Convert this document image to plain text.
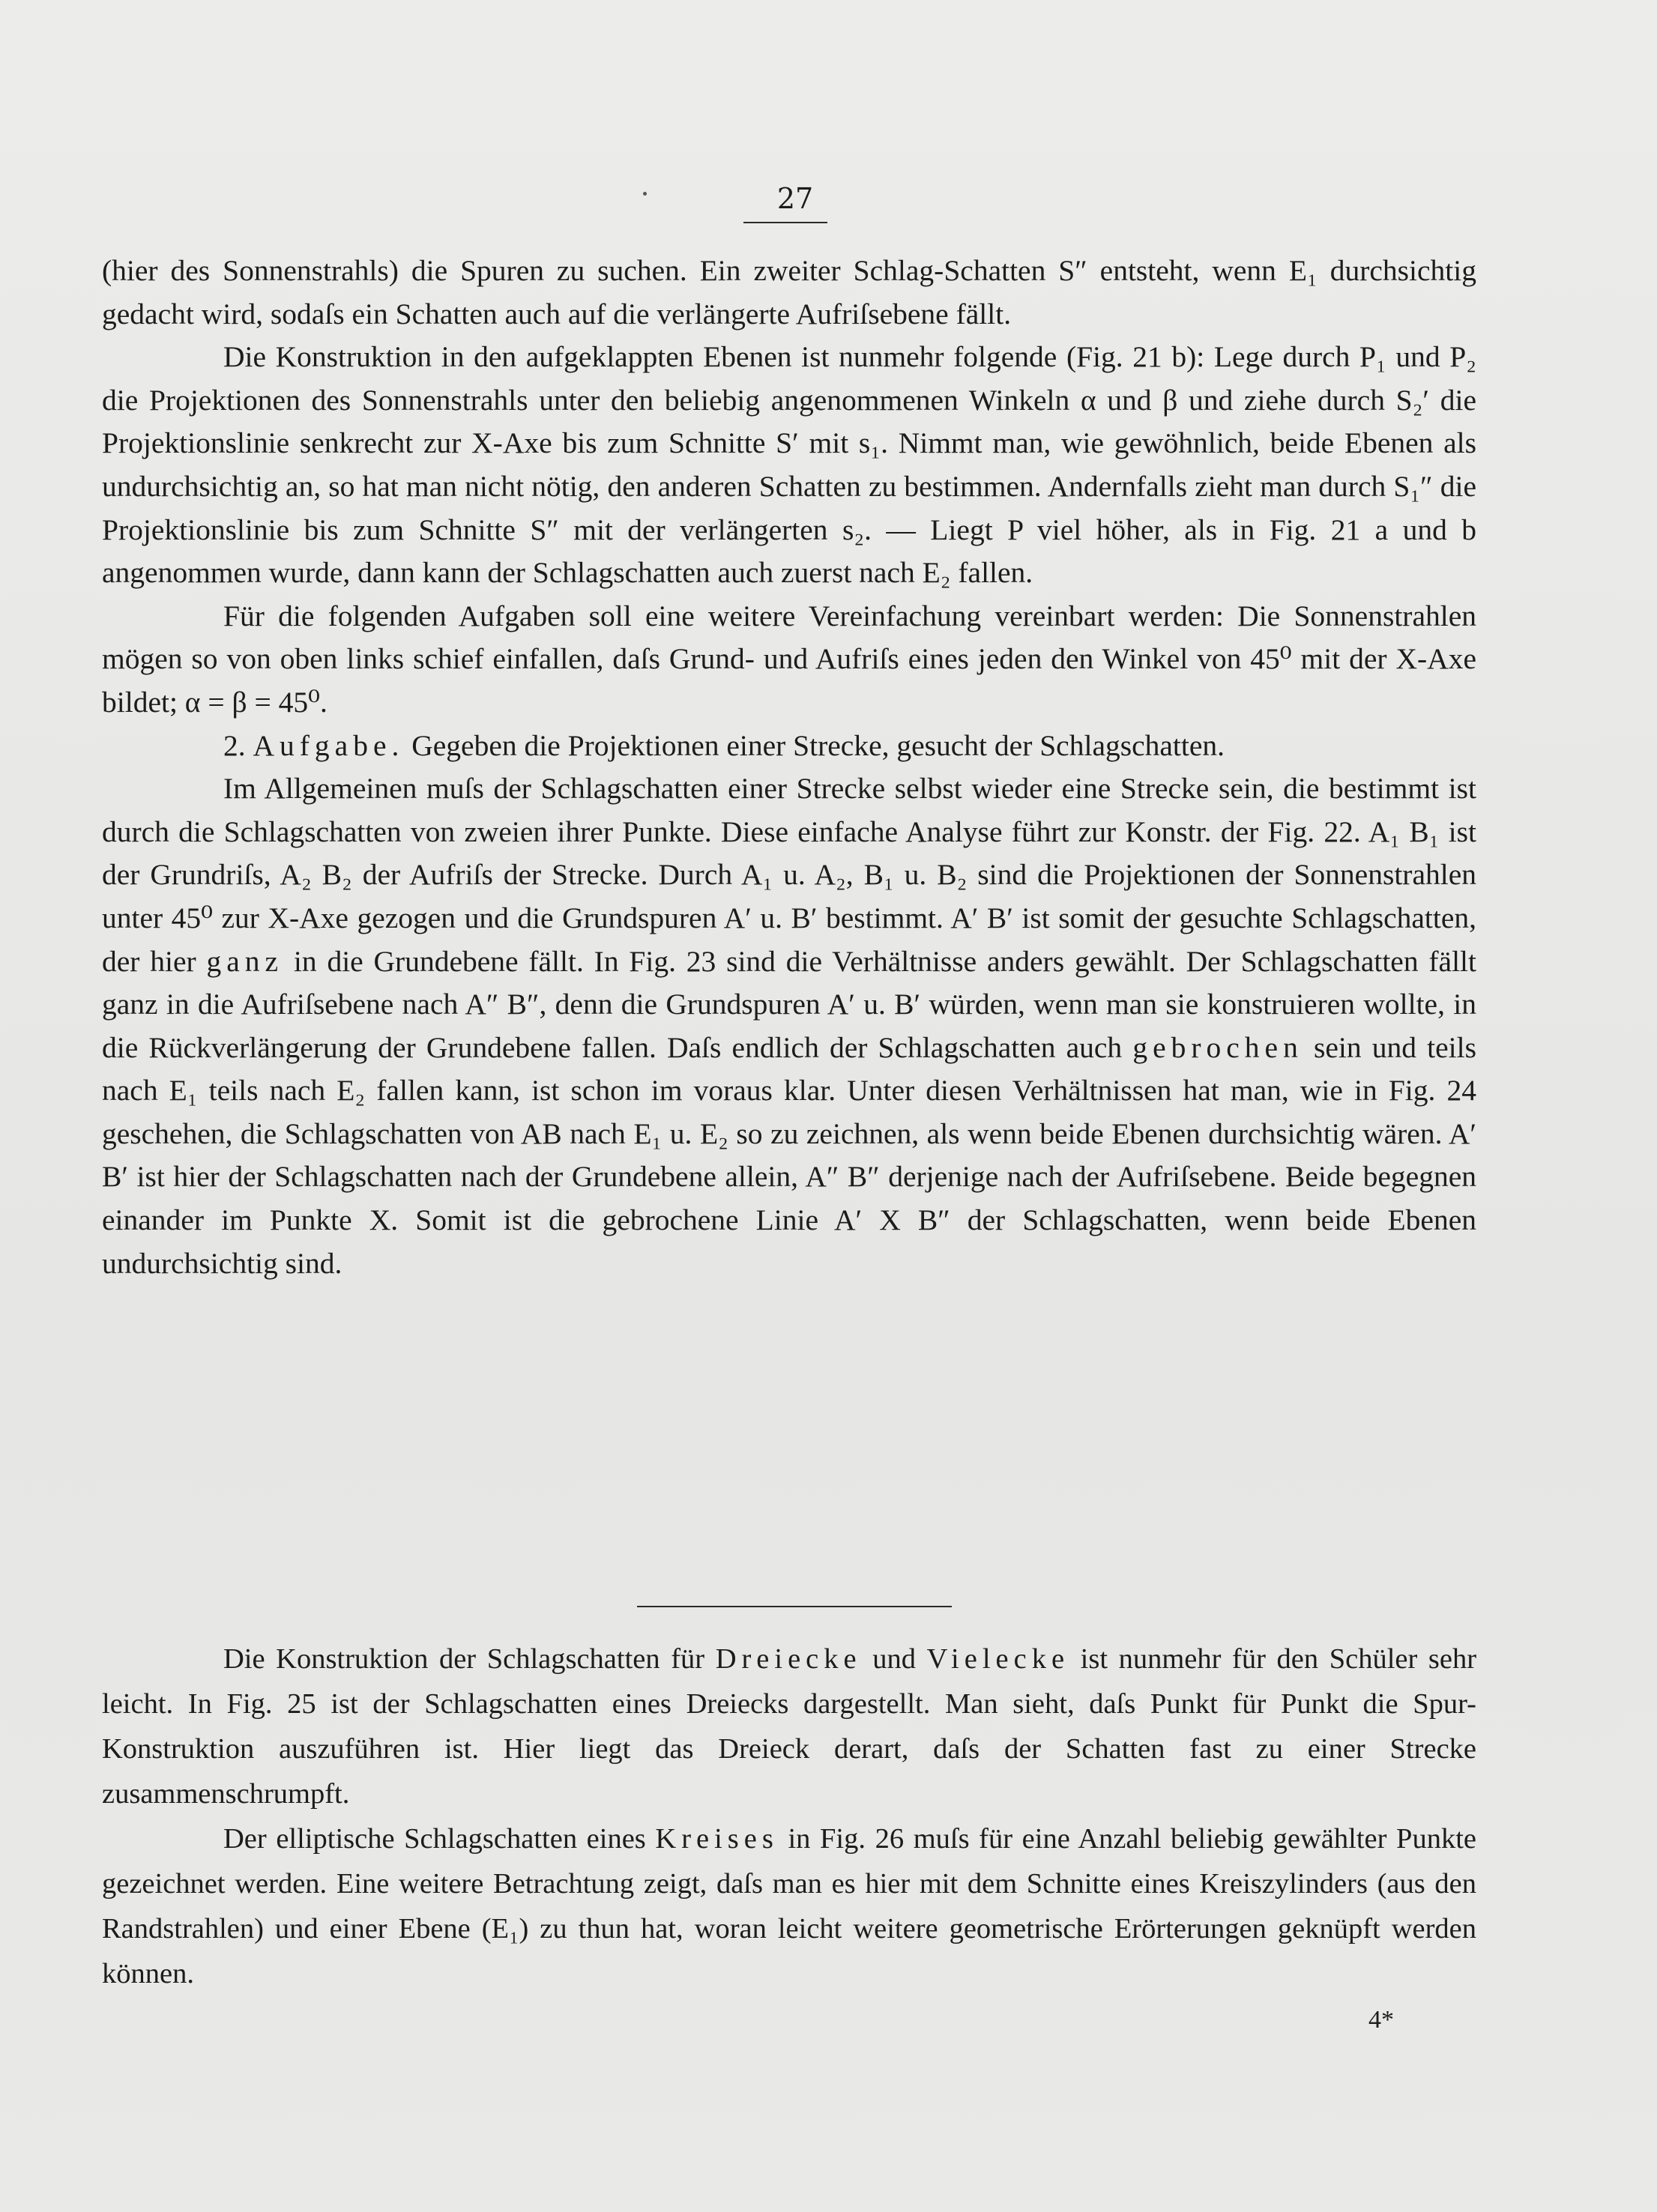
27

(hier des Sonnenstrahls) die Spuren zu suchen. Ein zweiter Schlag-Schatten S″ entsteht, wenn E₁ durchsichtig gedacht wird, sodaſs ein Schatten auch auf die verlängerte Aufriſsebene fällt.

Die Konstruktion in den aufgeklappten Ebenen ist nunmehr folgende (Fig. 21 b): Lege durch P₁ und P₂ die Projektionen des Sonnenstrahls unter den beliebig angenommenen Winkeln α und β und ziehe durch S₂′ die Projektionslinie senkrecht zur X-Axe bis zum Schnitte S′ mit s₁. Nimmt man, wie gewöhnlich, beide Ebenen als undurchsichtig an, so hat man nicht nötig, den anderen Schatten zu bestimmen. Andernfalls zieht man durch S₁″ die Projektionslinie bis zum Schnitte S″ mit der verlängerten s₂. — Liegt P viel höher, als in Fig. 21 a und b angenommen wurde, dann kann der Schlagschatten auch zuerst nach E₂ fallen.

Für die folgenden Aufgaben soll eine weitere Vereinfachung vereinbart werden: Die Sonnenstrahlen mögen so von oben links schief einfallen, daſs Grund- und Aufriſs eines jeden den Winkel von 45⁰ mit der X-Axe bildet; α = β = 45⁰.

2. Aufgabe. Gegeben die Projektionen einer Strecke, gesucht der Schlagschatten.

Im Allgemeinen muſs der Schlagschatten einer Strecke selbst wieder eine Strecke sein, die bestimmt ist durch die Schlagschatten von zweien ihrer Punkte. Diese einfache Analyse führt zur Konstr. der Fig. 22. A₁ B₁ ist der Grundriſs, A₂ B₂ der Aufriſs der Strecke. Durch A₁ u. A₂, B₁ u. B₂ sind die Projektionen der Sonnenstrahlen unter 45⁰ zur X-Axe gezogen und die Grundspuren A′ u. B′ bestimmt. A′ B′ ist somit der gesuchte Schlagschatten, der hier ganz in die Grundebene fällt. In Fig. 23 sind die Verhältnisse anders gewählt. Der Schlagschatten fällt ganz in die Aufriſsebene nach A″ B″, denn die Grundspuren A′ u. B′ würden, wenn man sie konstruieren wollte, in die Rückverlängerung der Grundebene fallen. Daſs endlich der Schlagschatten auch gebrochen sein und teils nach E₁ teils nach E₂ fallen kann, ist schon im voraus klar. Unter diesen Verhältnissen hat man, wie in Fig. 24 geschehen, die Schlagschatten von AB nach E₁ u. E₂ so zu zeichnen, als wenn beide Ebenen durchsichtig wären. A′ B′ ist hier der Schlagschatten nach der Grundebene allein, A″ B″ derjenige nach der Aufriſsebene. Beide begegnen einander im Punkte X. Somit ist die gebrochene Linie A′ X B″ der Schlagschatten, wenn beide Ebenen undurchsichtig sind.

Die Konstruktion der Schlagschatten für Dreiecke und Vielecke ist nunmehr für den Schüler sehr leicht. In Fig. 25 ist der Schlagschatten eines Dreiecks dargestellt. Man sieht, daſs Punkt für Punkt die Spur-Konstruktion auszuführen ist. Hier liegt das Dreieck derart, daſs der Schatten fast zu einer Strecke zusammenschrumpft.

Der elliptische Schlagschatten eines Kreises in Fig. 26 muſs für eine Anzahl beliebig gewählter Punkte gezeichnet werden. Eine weitere Betrachtung zeigt, daſs man es hier mit dem Schnitte eines Kreiszylinders (aus den Randstrahlen) und einer Ebene (E₁) zu thun hat, woran leicht weitere geometrische Erörterungen geknüpft werden können.

4*
